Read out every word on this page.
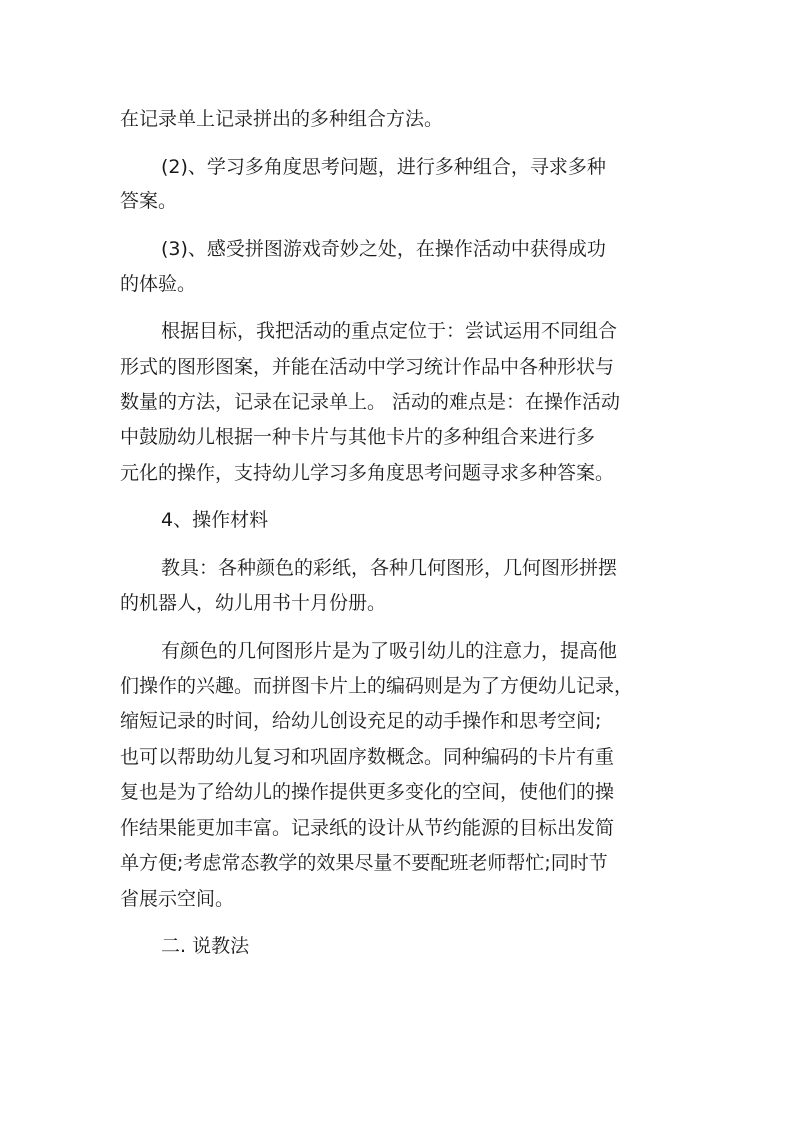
在记录单上记录拼出的多种组合方法。
(2)、学习多角度思考问题，进行多种组合，寻求多种
答案。
(3)、感受拼图游戏奇妙之处，在操作活动中获得成功
的体验。
根据目标，我把活动的重点定位于：尝试运用不同组合
形式的图形图案，并能在活动中学习统计作品中各种形状与
数量的方法，记录在记录单上。 活动的难点是：在操作活动
中鼓励幼儿根据一种卡片与其他卡片的多种组合来进行多
元化的操作，支持幼儿学习多角度思考问题寻求多种答案。
4、操作材料
教具：各种颜色的彩纸，各种几何图形，几何图形拼摆
的机器人，幼儿用书十月份册。
有颜色的几何图形片是为了吸引幼儿的注意力，提高他
们操作的兴趣。而拼图卡片上的编码则是为了方便幼儿记录，
缩短记录的时间，给幼儿创设充足的动手操作和思考空间;
也可以帮助幼儿复习和巩固序数概念。同种编码的卡片有重
复也是为了给幼儿的操作提供更多变化的空间，使他们的操
作结果能更加丰富。记录纸的设计从节约能源的目标出发简
单方便;考虑常态教学的效果尽量不要配班老师帮忙;同时节
省展示空间。
二. 说教法
